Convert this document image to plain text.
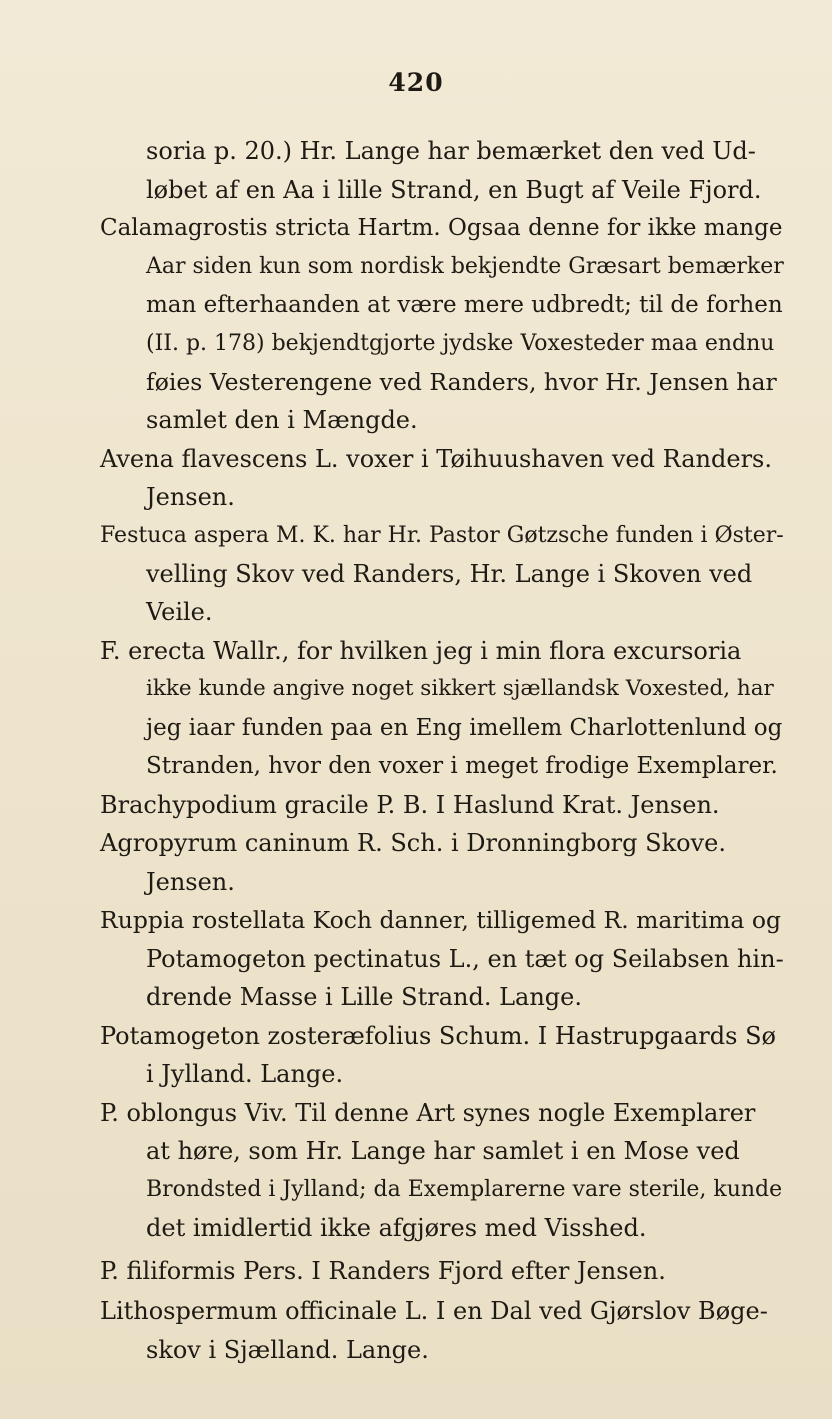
420
soria p. 20.) Hr. Lange har bemærket den ved Ud-
løbet af en Aa i lille Strand, en Bugt af Veile Fjord.
Calamagrostis stricta Hartm. Ogsaa denne for ikke mange
Aar siden kun som nordisk bekjendte Græsart bemærker
man efterhaanden at være mere udbredt; til de forhen
(II. p. 178) bekjendtgjorte jydske Voxesteder maa endnu
føies Vesterengene ved Randers, hvor Hr. Jensen har
samlet den i Mængde.
Avena flavescens L. voxer i Tøihuushaven ved Randers.
Jensen.
Festuca aspera M. K. har Hr. Pastor Gøtzsche funden i Øster-
velling Skov ved Randers, Hr. Lange i Skoven ved
Veile.
F. erecta Wallr., for hvilken jeg i min flora excursoria
ikke kunde angive noget sikkert sjællandsk Voxested, har
jeg iaar funden paa en Eng imellem Charlottenlund og
Stranden, hvor den voxer i meget frodige Exemplarer.
Brachypodium gracile P. B. I Haslund Krat. Jensen.
Agropyrum caninum R. Sch. i Dronningborg Skove.
Jensen.
Ruppia rostellata Koch danner, tilligemed R. maritima og
Potamogeton pectinatus L., en tæt og Seilabsen hin-
drende Masse i Lille Strand. Lange.
Potamogeton zosteræfolius Schum. I Hastrupgaards Sø
i Jylland. Lange.
P. oblongus Viv. Til denne Art synes nogle Exemplarer
at høre, som Hr. Lange har samlet i en Mose ved
Brondsted i Jylland; da Exemplarerne vare sterile, kunde
det imidlertid ikke afgjøres med Visshed.
P. filiformis Pers. I Randers Fjord efter Jensen.
Lithospermum officinale L. I en Dal ved Gjørslov Bøge-
skov i Sjælland. Lange.
